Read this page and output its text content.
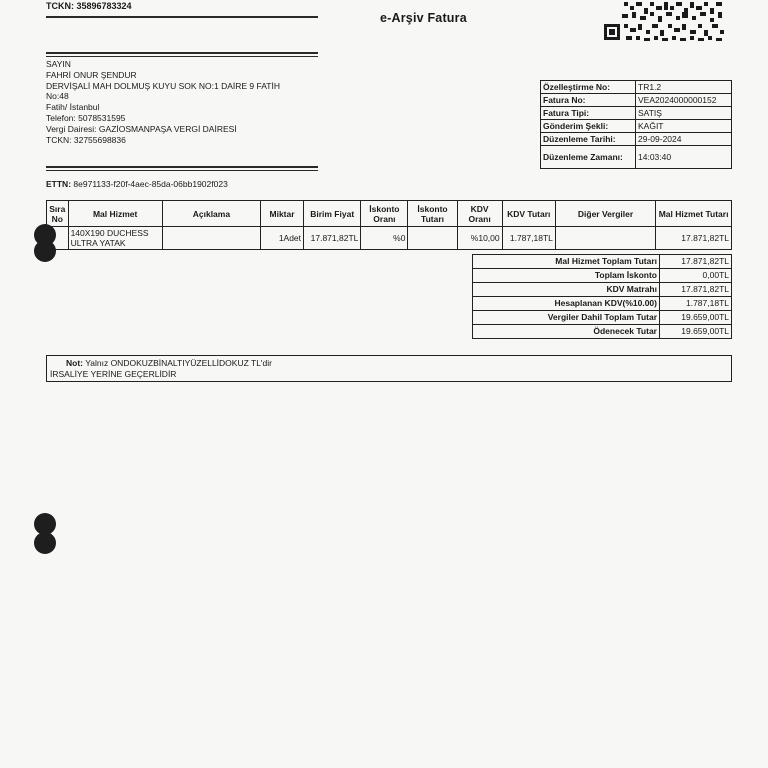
TCKN: 35896783324
e-Arşiv Fatura
SAYIN
FAHRİ ONUR ŞENDUR
DERVİŞALİ MAH DOLMUŞ KUYU SOK NO:1 DAİRE 9 FATİH
No:48
Fatih/ İstanbul
Telefon: 5078531595
Vergi Dairesi: GAZİOSMANPAŞA VERGİ DAİRESİ
TCKN: 32755698836
ETTN: 8e971133-f20f-4aec-85da-06bb1902f023
Özelleştirme No:	TR1.2
Fatura No:	VEA2024000000152
Fatura Tipi:	SATIŞ
Gönderim Şekli:	KAĞIT
Düzenleme Tarihi:	29-09-2024
Düzenleme Zamanı:	14:03:40
Sıra No	Mal Hizmet	Açıklama	Miktar	Birim Fiyat	İskonto Oranı	İskonto Tutarı	KDV Oranı	KDV Tutarı	Diğer Vergiler	Mal Hizmet Tutarı
	140X190 DUCHESS ULTRA YATAK		1Adet	17.871,82TL	%0		%10,00	1.787,18TL		17.871,82TL
Mal Hizmet Toplam Tutarı	17.871,82TL
Toplam İskonto	0,00TL
KDV Matrahı	17.871,82TL
Hesaplanan KDV(%10.00)	1.787,18TL
Vergiler Dahil Toplam Tutar	19.659,00TL
Ödenecek Tutar	19.659,00TL
Not: Yalnız ONDOKUZBİNALTIYÜZELLİDOKUZ TL'dir
İRSALİYE YERİNE GEÇERLİDİR
